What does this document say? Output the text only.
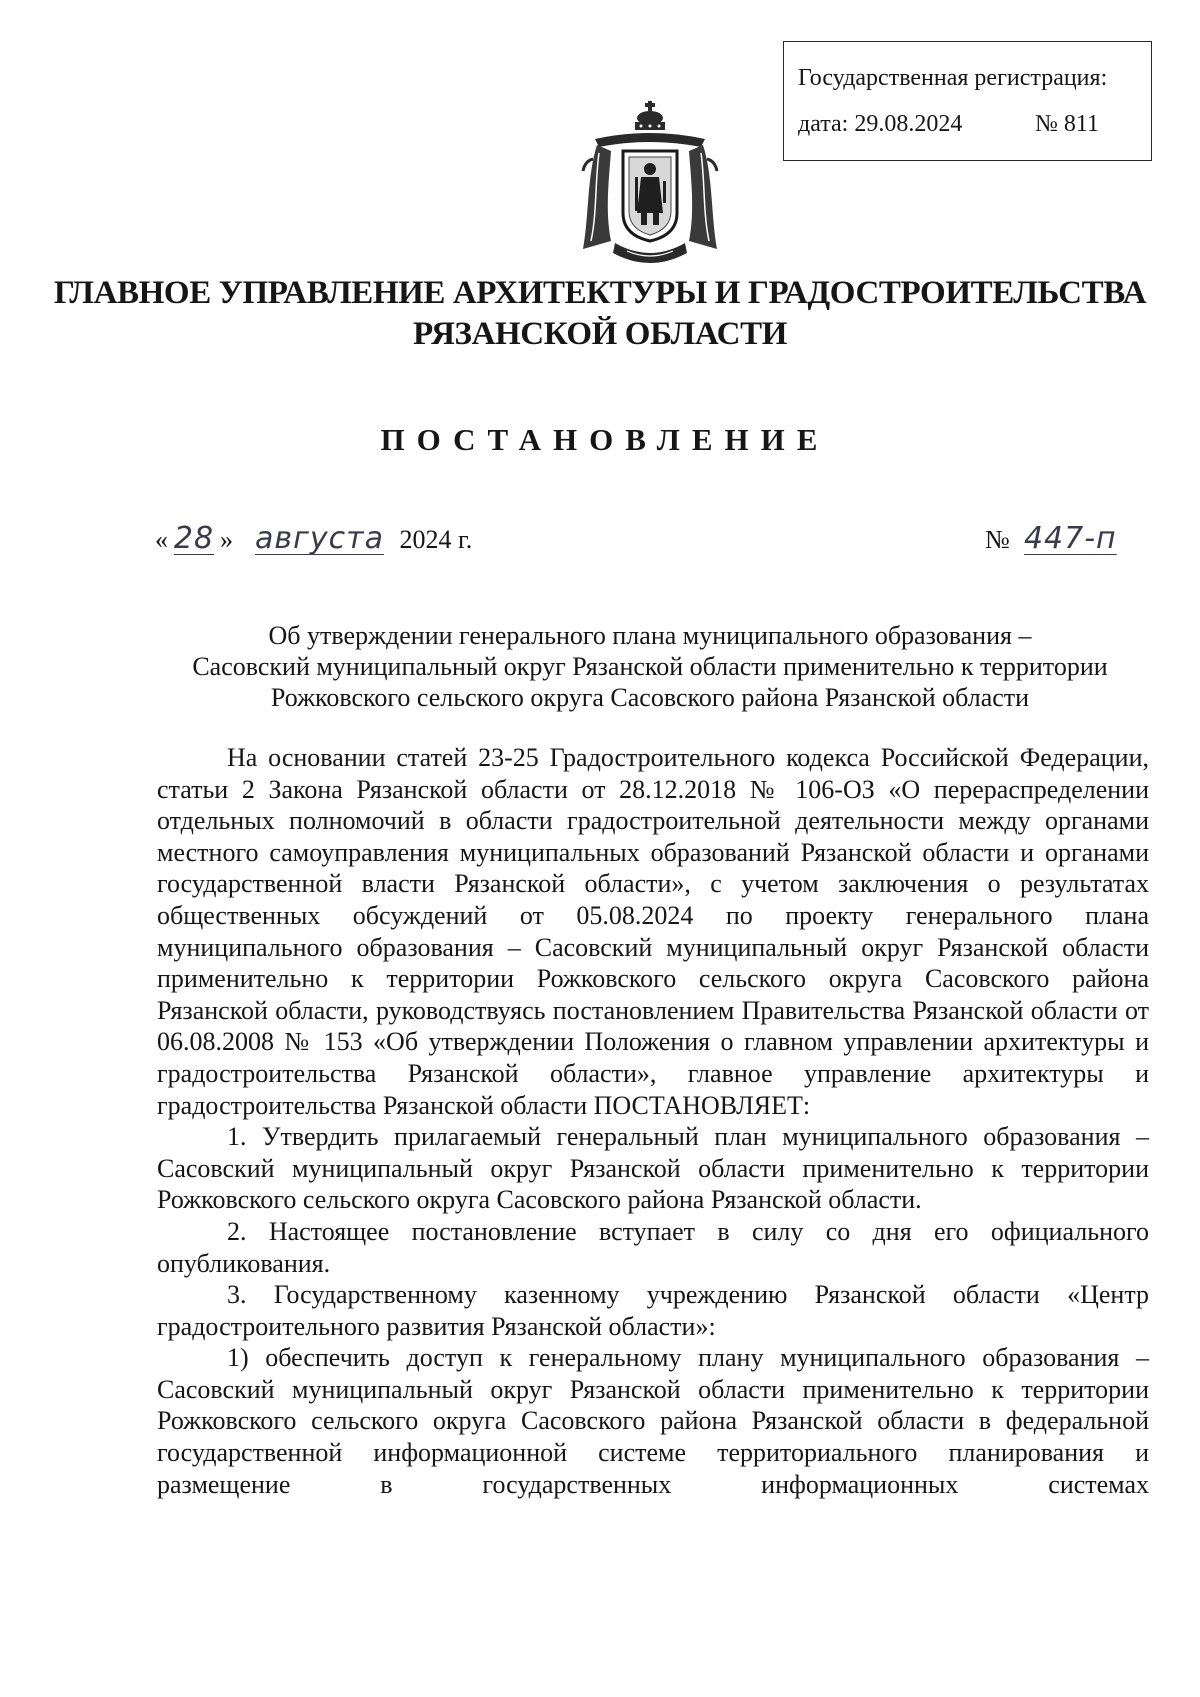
Государственная регистрация:
дата: 29.08.2024	№ 811
ГЛАВНОЕ УПРАВЛЕНИЕ АРХИТЕКТУРЫ И ГРАДОСТРОИТЕЛЬСТВА
РЯЗАНСКОЙ ОБЛАСТИ
ПОСТАНОВЛЕНИЕ
« 28 » августа 2024 г.	№ 447-п
Об утверждении генерального плана муниципального образования –
Сасовский муниципальный округ Рязанской области применительно к территории
Рожковского сельского округа Сасовского района Рязанской области

На основании статей 23-25 Градостроительного кодекса Российской Федерации, статьи 2 Закона Рязанской области от 28.12.2018 № 106-ОЗ «О перераспределении отдельных полномочий в области градостроительной деятельности между органами местного самоуправления муниципальных образований Рязанской области и органами государственной власти Рязанской области», с учетом заключения о результатах общественных обсуждений от 05.08.2024 по проекту генерального плана муниципального образования – Сасовский муниципальный округ Рязанской области применительно к территории Рожковского сельского округа Сасовского района Рязанской области, руководствуясь постановлением Правительства Рязанской области от 06.08.2008 № 153 «Об утверждении Положения о главном управлении архитектуры и градостроительства Рязанской области», главное управление архитектуры и градостроительства Рязанской области ПОСТАНОВЛЯЕТ:

1. Утвердить прилагаемый генеральный план муниципального образования – Сасовский муниципальный округ Рязанской области применительно к территории Рожковского сельского округа Сасовского района Рязанской области.

2. Настоящее постановление вступает в силу со дня его официального опубликования.

3. Государственному казенному учреждению Рязанской области «Центр градостроительного развития Рязанской области»:

1) обеспечить доступ к генеральному плану муниципального образования – Сасовский муниципальный округ Рязанской области применительно к территории Рожковского сельского округа Сасовского района Рязанской области в федеральной государственной информационной системе территориального планирования и размещение в государственных информационных системах
